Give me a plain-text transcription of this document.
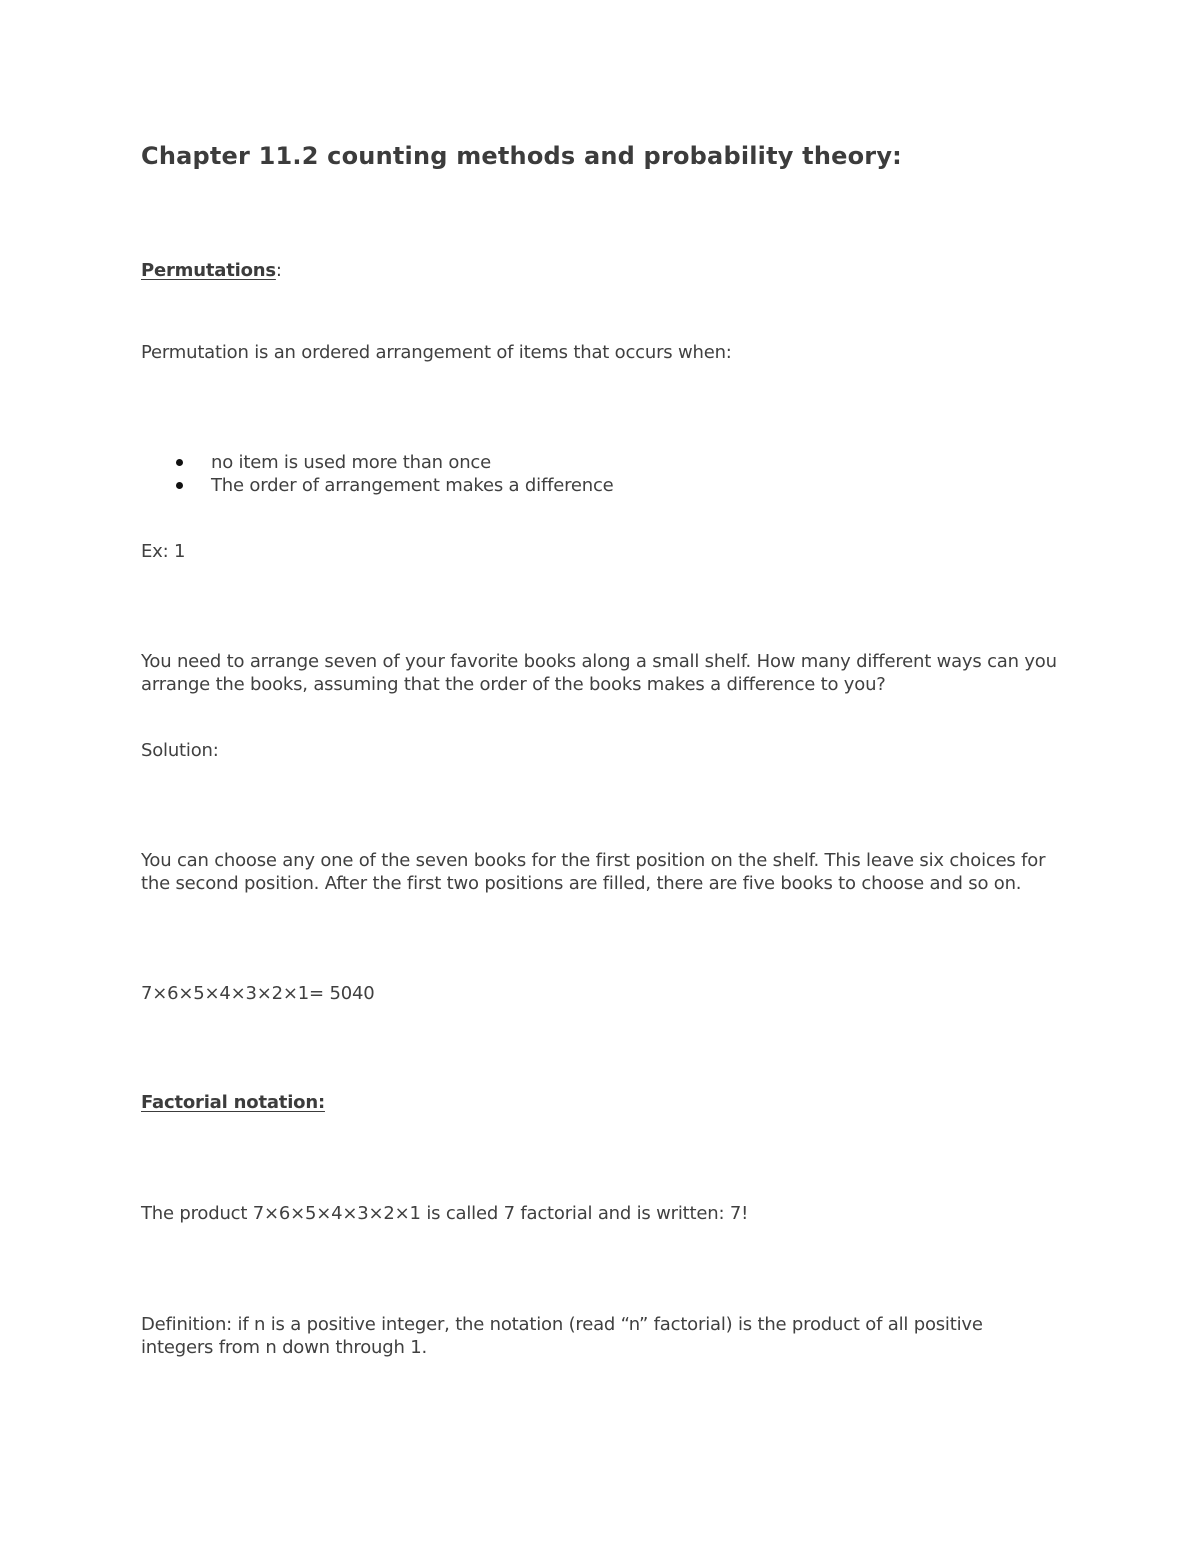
Chapter 11.2 counting methods and probability theory:
Permutations:

Permutation is an ordered arrangement of items that occurs when:

no item is used more than once
The order of arrangement makes a difference

Ex: 1

You need to arrange seven of your favorite books along a small shelf. How many different ways can you arrange the books, assuming that the order of the books makes a difference to you?

Solution:

You can choose any one of the seven books for the first position on the shelf. This leave six choices for the second position. After the first two positions are filled, there are five books to choose and so on.

7×6×5×4×3×2×1= 5040

Factorial notation:

The product 7×6×5×4×3×2×1 is called 7 factorial and is written: 7!

Definition: if n is a positive integer, the notation (read “n” factorial) is the product of all positive integers from n down through 1.
